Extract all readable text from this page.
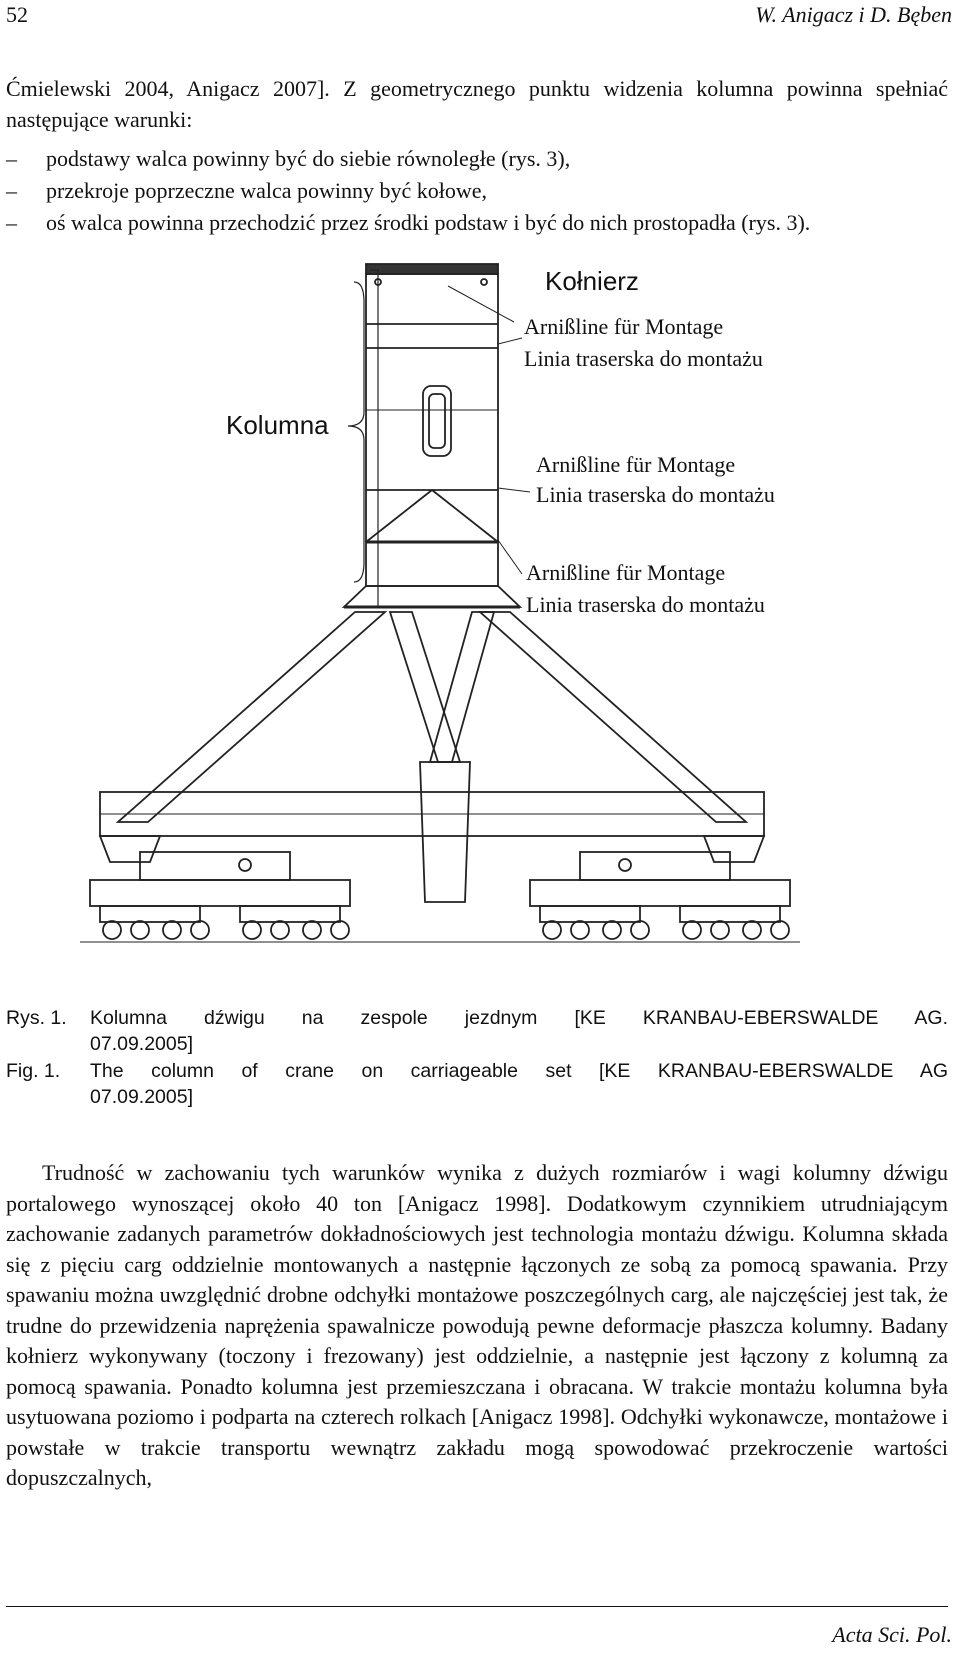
52	W. Anigacz i D. Bęben
Ćmielewski 2004, Anigacz 2007]. Z geometrycznego punktu widzenia kolumna powinna spełniać następujące warunki:
–	podstawy walca powinny być do siebie równoległe (rys. 3),
–	przekroje poprzeczne walca powinny być kołowe,
–	oś walca powinna przechodzić przez środki podstaw i być do nich prostopadła (rys. 3).
Kołnierz
Kolumna
Arnißline für Montage
Linia traserska do montażu
Arnißline für Montage
Linia traserska do montażu
Arnißline für Montage
Linia traserska do montażu
Rys. 1.	Kolumna dźwigu na zespole jezdnym [KE KRANBAU-EBERSWALDE AG.
07.09.2005]
Fig. 1.	The column of crane on carriageable set [KE KRANBAU-EBERSWALDE AG
07.09.2005]
Trudność w zachowaniu tych warunków wynika z dużych rozmiarów i wagi kolumny dźwigu portalowego wynoszącej około 40 ton [Anigacz 1998]. Dodatkowym czynnikiem utrudniającym zachowanie zadanych parametrów dokładnościowych jest technologia montażu dźwigu. Kolumna składa się z pięciu carg oddzielnie montowanych a następnie łączonych ze sobą za pomocą spawania. Przy spawaniu można uwzględnić drobne odchyłki montażowe poszczególnych carg, ale najczęściej jest tak, że trudne do przewidzenia naprężenia spawalnicze powodują pewne deformacje płaszcza kolumny. Badany kołnierz wykonywany (toczony i frezowany) jest oddzielnie, a następnie jest łączony z kolumną za pomocą spawania. Ponadto kolumna jest przemieszczana i obracana. W trakcie montażu kolumna była usytuowana poziomo i podparta na czterech rolkach [Anigacz 1998]. Odchyłki wykonawcze, montażowe i powstałe w trakcie transportu wewnątrz zakładu mogą spowodować przekroczenie wartości dopuszczalnych,
Acta Sci. Pol.
